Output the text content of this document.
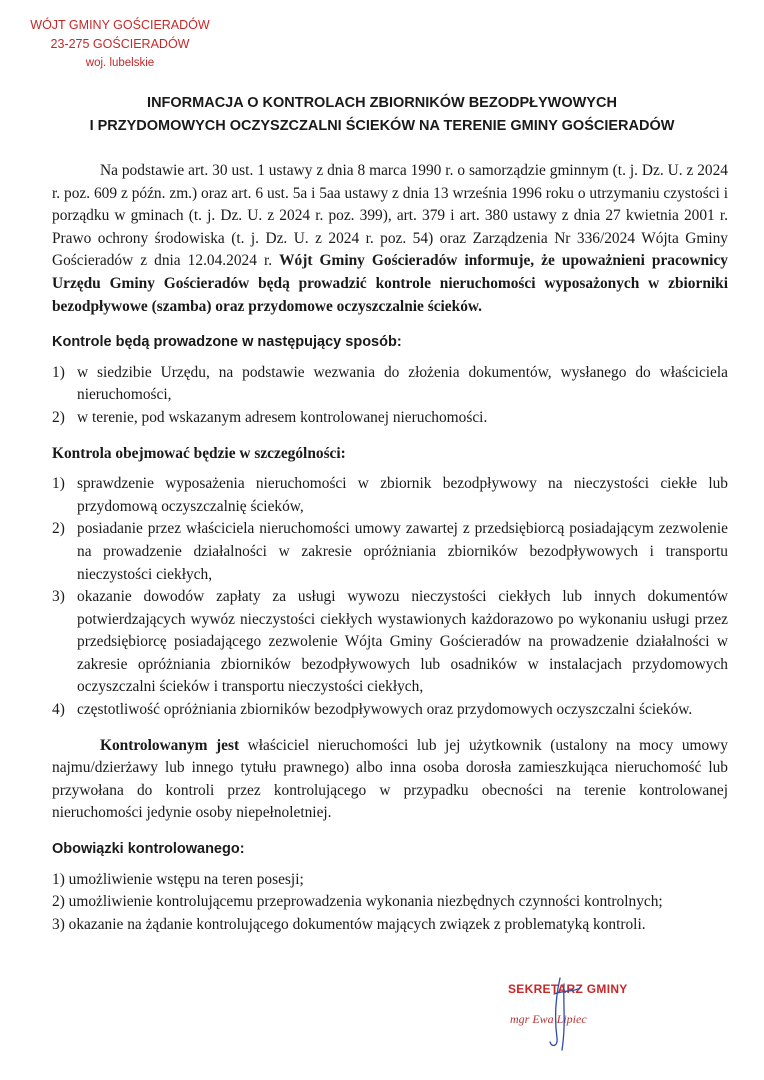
WÓJT GMINY GOŚCIERADÓW
23-275 GOŚCIERADÓW
woj. lubelskie
INFORMACJA O KONTROLACH ZBIORNIKÓW BEZODPŁYWOWYCH
I PRZYDOMOWYCH OCZYSZCZALNI ŚCIEKÓW NA TERENIE GMINY GOŚCIERADÓW

Na podstawie art. 30 ust. 1 ustawy z dnia 8 marca 1990 r. o samorządzie gminnym (t. j. Dz. U. z 2024 r. poz. 609 z późn. zm.) oraz art. 6 ust. 5a i 5aa ustawy z dnia 13 września 1996 roku o utrzymaniu czystości i porządku w gminach (t. j. Dz. U. z 2024 r. poz. 399), art. 379 i art. 380 ustawy z dnia 27 kwietnia 2001 r. Prawo ochrony środowiska (t. j. Dz. U. z 2024 r. poz. 54) oraz Zarządzenia Nr 336/2024 Wójta Gminy Gościeradów z dnia 12.04.2024 r. Wójt Gminy Gościeradów informuje, że upoważnieni pracownicy Urzędu Gminy Gościeradów będą prowadzić kontrole nieruchomości wyposażonych w zbiorniki bezodpływowe (szamba) oraz przydomowe oczyszczalnie ścieków.

Kontrole będą prowadzone w następujący sposób:
1) w siedzibie Urzędu, na podstawie wezwania do złożenia dokumentów, wysłanego do właściciela nieruchomości,
2) w terenie, pod wskazanym adresem kontrolowanej nieruchomości.
Kontrola obejmować będzie w szczególności:
1) sprawdzenie wyposażenia nieruchomości w zbiornik bezodpływowy na nieczystości ciekłe lub przydomową oczyszczalnię ścieków,
2) posiadanie przez właściciela nieruchomości umowy zawartej z przedsiębiorcą posiadającym zezwolenie na prowadzenie działalności w zakresie opróżniania zbiorników bezodpływowych i transportu nieczystości ciekłych,
3) okazanie dowodów zapłaty za usługi wywozu nieczystości ciekłych lub innych dokumentów potwierdzających wywóz nieczystości ciekłych wystawionych każdorazowo po wykonaniu usługi przez przedsiębiorcę posiadającego zezwolenie Wójta Gminy Gościeradów na prowadzenie działalności w zakresie opróżniania zbiorników bezodpływowych lub osadników w instalacjach przydomowych oczyszczalni ścieków i transportu nieczystości ciekłych,
4) częstotliwość opróżniania zbiorników bezodpływowych oraz przydomowych oczyszczalni ścieków.

Kontrolowanym jest właściciel nieruchomości lub jej użytkownik (ustalony na mocy umowy najmu/dzierżawy lub innego tytułu prawnego) albo inna osoba dorosła zamieszkująca nieruchomość lub przywołana do kontroli przez kontrolującego w przypadku obecności na terenie kontrolowanej nieruchomości jedynie osoby niepełnoletniej.

Obowiązki kontrolowanego:
1) umożliwienie wstępu na teren posesji;
2) umożliwienie kontrolującemu przeprowadzenia wykonania niezbędnych czynności kontrolnych;
3) okazanie na żądanie kontrolującego dokumentów mających związek z problematyką kontroli.
SEKRETARZ GMINY
mgr Ewa Lipiec
